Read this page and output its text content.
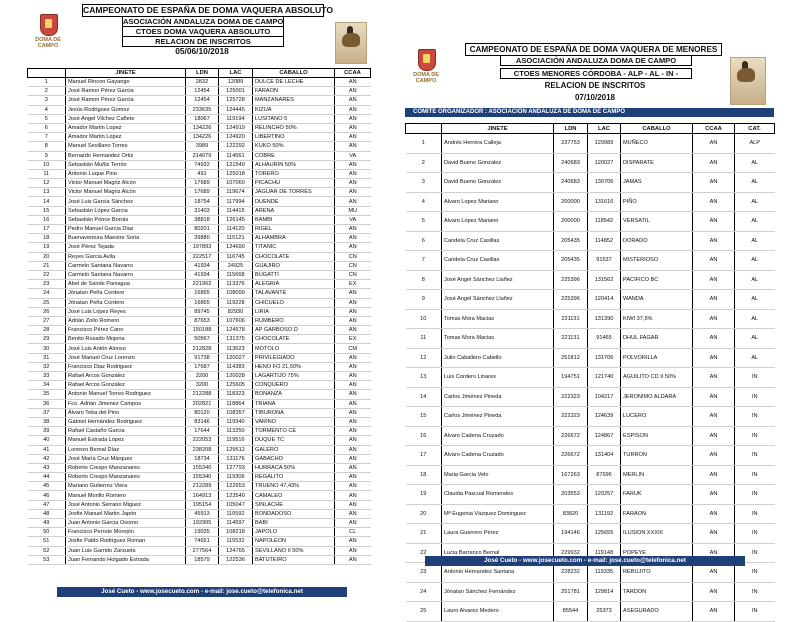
DOMA DE CAMPO
CAMPEONATO DE ESPAÑA DE DOMA VAQUERA ABSOLUTO
ASOCIACIÓN ANDALUZA DOMA DE CAMPO
CTOES DOMA VAQUERA ABSOLUTO
RELACION DE INSCRITOS
05/06/10/2018
	JINETE	LDN	LAC	CABALLO	CCAA
1	Manuel Rincon Gayango	2832	12089	DULCE DE LECHE	AN
2	José Ramon Pérez Garcia	12454	125001	FARAON	AN
3	José Ramon Pérez Garcia	12454	125728	MANZANARES	AN
4	Jesús Rodriguez Gomez	233635	124445	KIZUA	AN
5	José Angel Vilchez Cañete	18067	119194	LUSITANO 5	AN
6	Amador Martin Lopez	134226	124919	RELINCHO 50%	AN
7	Amador Martin Lopez	134226	124920	LIBERTINO	AN
8	Manuel Sevillano Torres	3989	122292	KUKO 50%	AN
9	Bernardo Hernandez Ortiz	214079	114561	COBRE	VA
10	Sebastián Muñiz Terrón	74932	121540	ALHAURIN 50%	AN
11	Antonio Luque Pino	491	125018	TORERO	AN
12	Victor Manuel Magriz Alcón	17689	107060	PICACHU	AN
13	Victor Manuel Magriz Alcón	17689	119674	JAGUAR DE TORRES	AN
14	José Luis Garcia Sánchez	18754	117994	DUENDE	AN
15	Sebastián López Garcia	31403	114415	ARENA	MU
16	Sebastián Ponce Borrás	38818	126145	BAMBI	VA
17	Pedro Manuel Garcia Diaz	80201	114120	RIGEL	AN
18	Buenaventura Maestre Soria	39880	115121	ALHAMBRA	AN
19	José Pérez Tejada	197893	124690	TITANIC	AN
20	Reyes Garcia Avila	222517	116745	CHOCOLATE	CN
21	Carmelo Santana Navarro	41934	24925	GUAJIRO	CN
22	Carmelo Santana Navarro	41934	115668	BUGATTI	CN
23	Abel de Sande Paniagua	221962	113376	ALEGRIA	EX
24	Jónatan Peña Cordero	16865	108099	TALAVANTE	AN
25	Jónatan Peña Cordero	16865	119228	CHICUELO	AN
26	José Luis López Reyes	89745	82930	LIRIA	AN
27	Adrián Zoilo Romero	87653	107606	RUMBERO	AN
28	Francisco Pérez Cano	150188	124578	AP GARBOSO D	AN
29	Benito Rosado Mojena	50567	131375	CHOCOLATE	EX
30	José Luis Antón Alonso	212828	113623	MOTOLO	CM
31	José Manuel Cruz Lorenzo	91738	120027	PRIVILEGIADO	AN
32	Francisco Diaz Rodriguez	17687	114383	HENO FO 21,50%	AN
33	Rafael Arcos González	3200	120028	LAGARTIJO 75%	AN
34	Rafael Arcos González	3200	125605	CONQUERO	AN
35	Antonio Manuel Torres Rodriguez	212288	118323	BONANZA	AN
36	Fco. Adrián Jimenez Campos	202821	118864	TRIANA	AN
37	Álvaro Teba del Pino	80120	108357	TIBURONA	AN
38	Gabriel Hernández Rodriguez	83146	119340	VARINO	AN
39	Rafael Castaño Garcia	17644	113250	TORMENTO CE	AN
40	Manuel Estrada López	222053	119516	DUQUE TC	AN
41	Lorenzo Bernal Díaz	238208	129512	GALERO	AN
42	José María Cruz Márquez	18734	131176	GABACHO	AN
43	Roberto Crespo Manzanares	155340	127793	HURRACA 50%	AN
44	Roberto Crespo Manzanares	155340	119306	REGALITO	AN
45	Mariano Gutierrez Viera	212289	122653	TRUENO 47,43%	AN
46	Manuel Morillo Romero	164913	123540	CAMALEO	AN
47	José Antonio Serrano Miguez	195154	105047	SINLACHE	AN
48	Josfie Manuel Martin Japón	45913	110592	BONDADOSO	AN
49	Juan Antonio Garcia Osorno	192905	114597	BABI	AN
50	Francisco Perrote Morejón	19035	108218	JAPOLO	CL
51	Josfie Pablo Rodriguez Roman	74651	115532	NAPOLEON	AN
52	Juan Luis Garrido Zarzuela	277564	124765	SEVILLANO II 50%	AN
53	Juan Fernando Holgado Estrada	18579	122536	BATUTEIRO	AN
José Cueto - www.josecueto.com - e-mail: jose.cueto@telefonica.net
DOMA DE CAMPO
CAMPEONATO DE ESPAÑA DE DOMA VAQUERA DE MENORES
ASOCIACIÓN ANDALUZA DOMA DE CAMPO
CTOES MENORES CÓRDOBA - ALP - AL - IN -
RELACION DE INSCRITOS
07/10/2018
COMITÉ ORGANIZADOR : ASOCIACIÓN ANDALUZA DE DOMA DE CAMPO
	JINETE	LDN	LAC	CABALLO	CCAA	CAT.
1	Andrés Herrera Calleja	237753	129989	MUÑECO	AN	ALP
2	David Bueno Gonzalez	240683	120027	DISPARATE	AN	AL
3	David Bueno Gonzalez	240683	130706	JAMAS	AN	AL
4	Alvaro Lopez Mariano	200000	131616	PIÑO	AN	AL
5	Alvaro Lopez Mariano	200000	118542	VERSATIL	AN	AL
6	Candela Cruz Casillas	205435	114852	DORADO	AN	AL
7	Candela Cruz Casillas	205435	91537	MISTERIOSO	AN	AL
8	José Angel Sánchez Llañez	225396	131562	PACIFICO BC	AN	AL
9	José Angel Sánchez Llañez	225396	120414	WANDA	AN	AL
10	Tomas Mora Macias	221131	131390	KIWI 37,5%	AN	AL
11	Tomas Mora Macias	221131	91465	DHUL FAGAR	AN	AL
12	Julio Caballero Cabello	251812	131706	POLVORILLA	AN	AL
13	Luis Cordero Linares	194751	121740	AGUILITO CD II 50%	AN	IN
14	Carlos Jiménez Pineda	222323	104217	JERONIMO ALDARA	AN	IN
15	Carlos Jiménez Pineda	222323	124639	LUCERO	AN	IN
16	Alvaro Cadena Cruzado	226672	124867	ESPISON	AN	IN
17	Alvaro Cadena Cruzado	226672	131404	TURRON	AN	IN
18	Maria Garcia Velo	167263	87696	MERLIN	AN	IN
19	Claudia Pascual Romerales	203553	120257	FARUK	AN	IN
20	Mª Eugenia Vázquez Dominguez	83820	131192	FARAON	AN	IN
21	Laura Guerrero Pérez	194146	125655	ILUSION XXXIII	AN	IN
22	Lucia Barranco Bernal	229932	119148	POPEYE	AN	IN
23	Antonio Hernandez Santana	228232	119335	REBUJITO	AN	IN
24	Jónatan Sánchez Fernández	251781	129814	TARDON	AN	IN
25	Lauro Alvarez Medero	85544	25373	ASEGURADO	AN	IN
José Cueto - www.josecueto.com - e-mail: jose.cueto@telefonica.net
